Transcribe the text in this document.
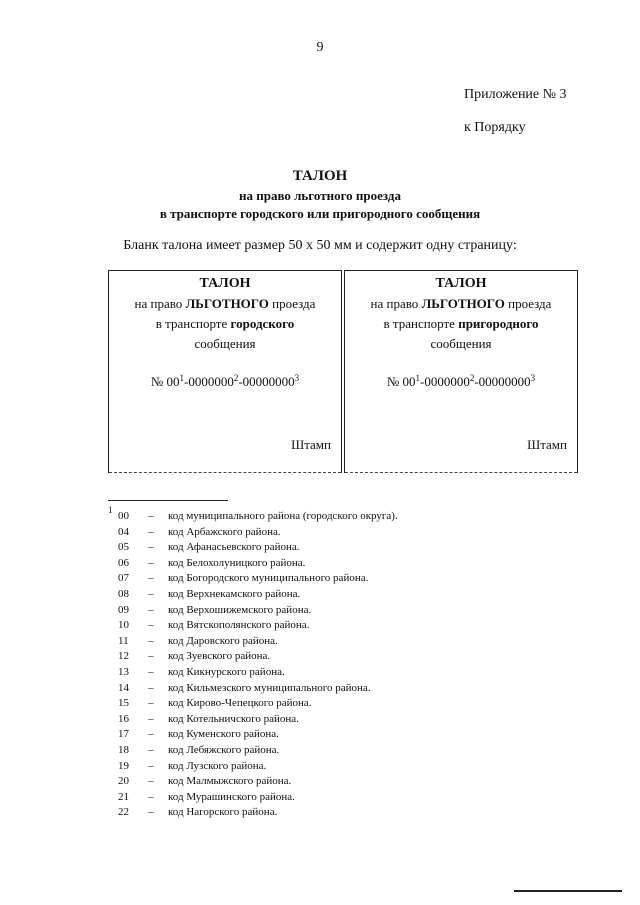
9
Приложение № 3
к Порядку
ТАЛОН
на право льготного проезда
в транспорте городского или пригородного сообщения
Бланк талона имеет размер 50 х 50 мм и содержит одну страницу:
ТАЛОН
на право ЛЬГОТНОГО проезда
в транспорте городского
сообщения
№ $00^1-0000000^2-00000000^3$
Штамп
ТАЛОН
на право ЛЬГОТНОГО проезда
в транспорте пригородного
сообщения
№ $00^1-0000000^2-00000000^3$
Штамп
1 00	–	код муниципального района (городского округа).
04	–	код Арбажского района.
05	–	код Афанасьевского района.
06	–	код Белохолуницкого района.
07	–	код Богородского муниципального района.
08	–	код Верхнекамского района.
09	–	код Верхошижемского района.
10	–	код Вятскополянского района.
11	–	код Даровского района.
12	–	код Зуевского района.
13	–	код Кикнурского района.
14	–	код Кильмезского муниципального района.
15	–	код Кирово-Чепецкого района.
16	–	код Котельничского района.
17	–	код Куменского района.
18	–	код Лебяжского района.
19	–	код Лузского района.
20	–	код Малмыжского района.
21	–	код Мурашинского района.
22	–	код Нагорского района.
